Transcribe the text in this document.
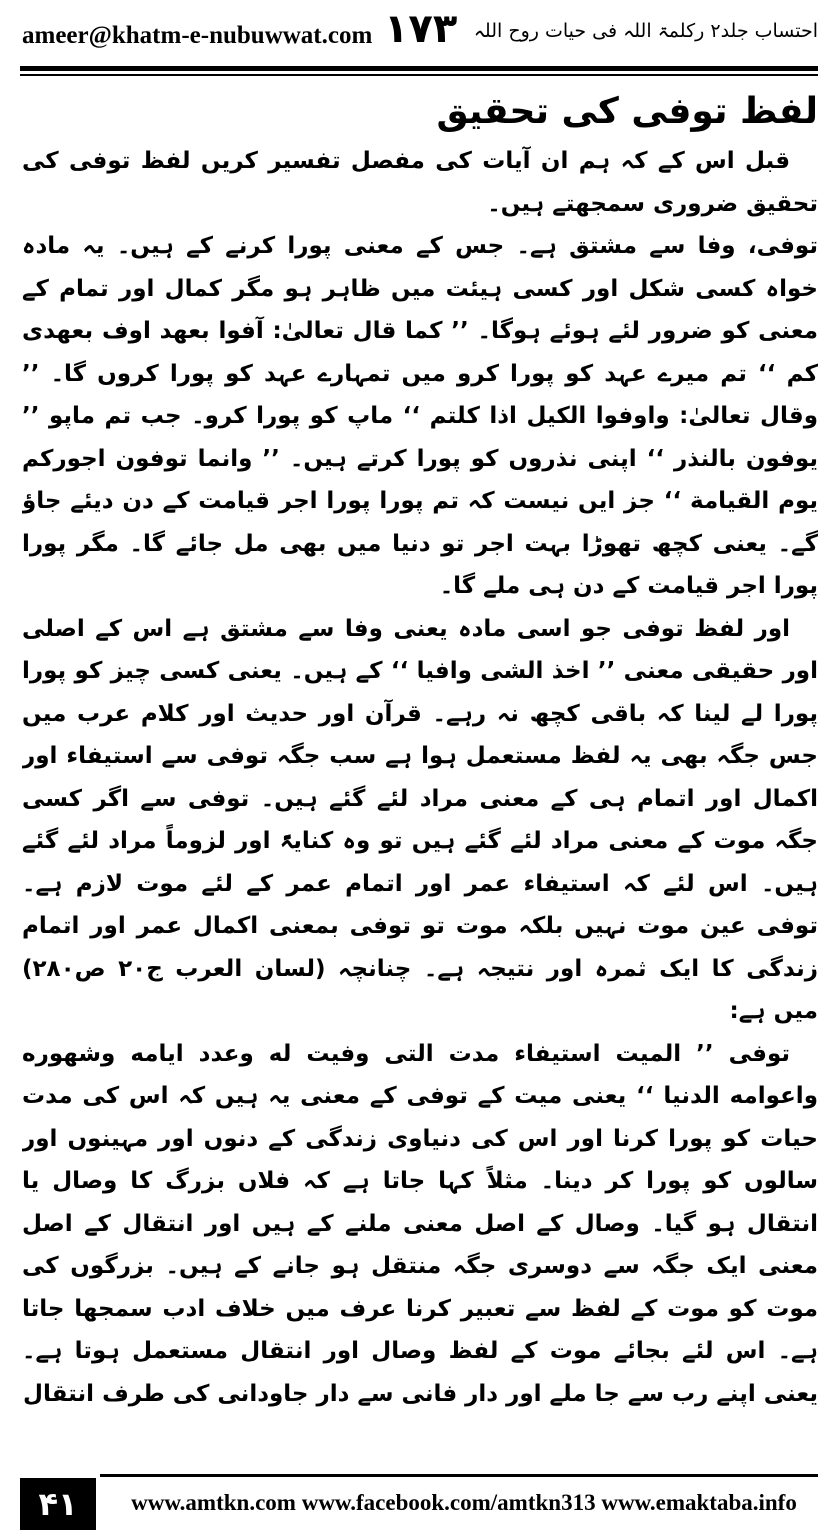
ameer@khatm-e-nubuwwat.com ۱۷۳ احتساب جلد۲ رکلمۃ اللہ فی حیات روح اللہ
لفظ توفی کی تحقیق

قبل اس کے کہ ہم ان آیات کی مفصل تفسیر کریں لفظ توفی کی تحقیق ضروری سمجھتے ہیں۔

توفی، وفا سے مشتق ہے۔ جس کے معنی پورا کرنے کے ہیں۔ یہ مادہ خواہ کسی شکل اور کسی ہیئت میں ظاہر ہو مگر کمال اور تمام کے معنی کو ضرور لئے ہوئے ہوگا۔ ’’ کما قال تعالیٰ: آفوا بعهد اوف بعهدى كم ‘‘ تم میرے عہد کو پورا کرو میں تمہارے عہد کو پورا کروں گا۔ ’’ وقال تعالیٰ: واوفوا الكيل اذا كلتم ‘‘ ماپ کو پورا کرو۔ جب تم ماپو ’’ يوفون بالنذر ‘‘ اپنی نذروں کو پورا کرتے ہیں۔ ’’ وانما توفون اجوركم يوم القيامة ‘‘ جز ایں نیست کہ تم پورا پورا اجر قیامت کے دن دیئے جاؤ گے۔ یعنی کچھ تھوڑا بہت اجر تو دنیا میں بھی مل جائے گا۔ مگر پورا پورا اجر قیامت کے دن ہی ملے گا۔

اور لفظ توفی جو اسی مادہ یعنی وفا سے مشتق ہے اس کے اصلی اور حقیقی معنی ’’ اخذ الشی وافيا ‘‘ کے ہیں۔ یعنی کسی چیز کو پورا پورا لے لینا کہ باقی کچھ نہ رہے۔ قرآن اور حدیث اور کلام عرب میں جس جگہ بھی یہ لفظ مستعمل ہوا ہے سب جگہ توفی سے استیفاء اور اکمال اور اتمام ہی کے معنی مراد لئے گئے ہیں۔ توفی سے اگر کسی جگہ موت کے معنی مراد لئے گئے ہیں تو وہ کنایۃً اور لزوماً مراد لئے گئے ہیں۔ اس لئے کہ استیفاء عمر اور اتمام عمر کے لئے موت لازم ہے۔ توفی عین موت نہیں بلکہ موت تو توفی بمعنی اکمال عمر اور اتمام زندگی کا ایک ثمرہ اور نتیجہ ہے۔ چنانچہ (لسان العرب ج۲۰ ص۲۸۰) میں ہے:

توفی ’’ الميت استيفاء مدت التى وفيت له وعدد ايامه وشهوره واعوامه الدنيا ‘‘ یعنی میت کے توفی کے معنی یہ ہیں کہ اس کی مدت حیات کو پورا کرنا اور اس کی دنیاوی زندگی کے دنوں اور مہینوں اور سالوں کو پورا کر دینا۔ مثلاً کہا جاتا ہے کہ فلاں بزرگ کا وصال یا انتقال ہو گیا۔ وصال کے اصل معنی ملنے کے ہیں اور انتقال کے اصل معنی ایک جگہ سے دوسری جگہ منتقل ہو جانے کے ہیں۔ بزرگوں کی موت کو موت کے لفظ سے تعبیر کرنا عرف میں خلاف ادب سمجھا جاتا ہے۔ اس لئے بجائے موت کے لفظ وصال اور انتقال مستعمل ہوتا ہے۔ یعنی اپنے رب سے جا ملے اور دار فانی سے دار جاودانی کی طرف انتقال

۴۱	www.amtkn.com www.facebook.com/amtkn313 www.emaktaba.info
